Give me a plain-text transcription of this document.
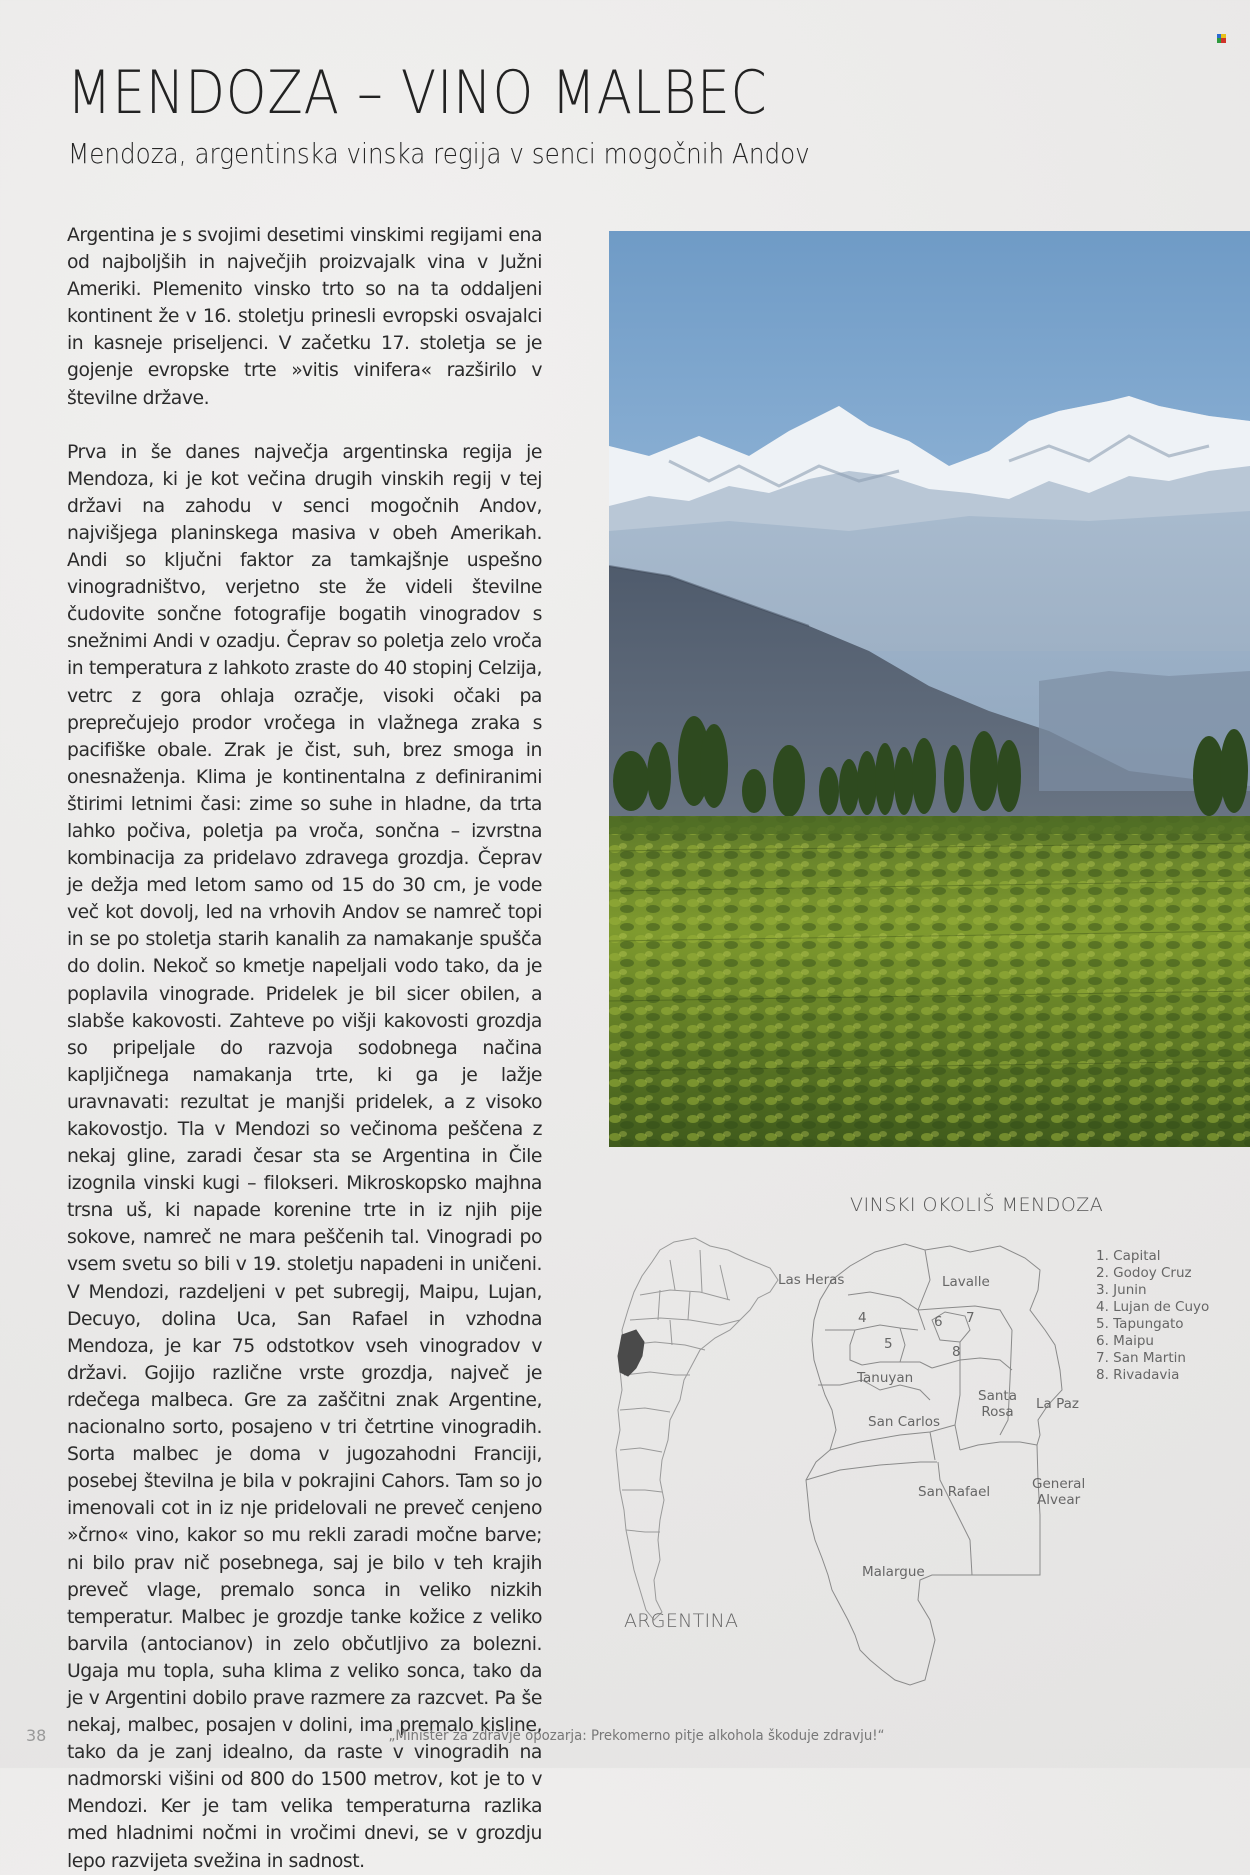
MENDOZA – VINO MALBEC
Mendoza, argentinska vinska regija v senci mogočnih Andov

Argentina je s svojimi desetimi vinskimi regijami ena od najboljših in največjih proizvajalk vina v Južni Ameriki. Plemenito vinsko trto so na ta oddaljeni kontinent že v 16. stoletju prinesli evropski osvajalci in kasneje priseljenci. V začetku 17. stoletja se je gojenje evropske trte »vitis vinifera« razširilo v številne države.

Prva in še danes največja argentinska regija je Mendoza, ki je kot večina drugih vinskih regij v tej državi na zahodu v senci mogočnih Andov, najvišjega planinskega masiva v obeh Amerikah. Andi so ključni faktor za tamkajšnje uspešno vinogradništvo, verjetno ste že videli številne čudovite sončne fotografije bogatih vinogradov s snežnimi Andi v ozadju. Čeprav so poletja zelo vroča in temperatura z lahkoto zraste do 40 stopinj Celzija, vetrc z gora ohlaja ozračje, visoki očaki pa preprečujejo prodor vročega in vlažnega zraka s pacifiške obale. Zrak je čist, suh, brez smoga in onesnaženja. Klima je kontinentalna z definiranimi štirimi letnimi časi: zime so suhe in hladne, da trta lahko počiva, poletja pa vroča, sončna – izvrstna kombinacija za pridelavo zdravega grozdja. Čeprav je dežja med letom samo od 15 do 30 cm, je vode več kot dovolj, led na vrhovih Andov se namreč topi in se po stoletja starih kanalih za namakanje spušča do dolin. Nekoč so kmetje napeljali vodo tako, da je poplavila vinograde. Pridelek je bil sicer obilen, a slabše kakovosti. Zahteve po višji kakovosti grozdja so pripeljale do razvoja sodobnega načina kapljičnega namakanja trte, ki ga je lažje uravnavati: rezultat je manjši pridelek, a z visoko kakovostjo. Tla v Mendozi so večinoma peščena z nekaj gline, zaradi česar sta se Argentina in Čile izognila vinski kugi – filokseri. Mikroskopsko majhna trsna uš, ki napade korenine trte in iz njih pije sokove, namreč ne mara peščenih tal. Vinogradi po vsem svetu so bili v 19. stoletju napadeni in uničeni. V Mendozi, razdeljeni v pet subregij, Maipu, Lujan, Decuyo, dolina Uca, San Rafael in vzhodna Mendoza, je kar 75 odstotkov vseh vinogradov v državi. Gojijo različne vrste grozdja, največ je rdečega malbeca. Gre za zaščitni znak Argentine, nacionalno sorto, posajeno v tri četrtine vinogradih. Sorta malbec je doma v jugozahodni Franciji, posebej številna je bila v pokrajini Cahors. Tam so jo imenovali cot in iz nje pridelovali ne preveč cenjeno »črno« vino, kakor so mu rekli zaradi močne barve; ni bilo prav nič posebnega, saj je bilo v teh krajih preveč vlage, premalo sonca in veliko nizkih temperatur. Malbec je grozdje tanke kožice z veliko barvila (antocianov) in zelo občutljivo za bolezni. Ugaja mu topla, suha klima z veliko sonca, tako da je v Argentini dobilo prave razmere za razcvet. Pa še nekaj, malbec, posajen v dolini, ima premalo kisline, tako da je zanj idealno, da raste v vinogradih na nadmorski višini od 800 do 1500 metrov, kot je to v Mendozi. Ker je tam velika temperaturna razlika med hladnimi nočmi in vročimi dnevi, se v grozdju lepo razvijeta svežina in sadnost.

VINSKI OKOLIŠ MENDOZA
Las Heras	Lavalle
4
5
6 7
8
Tanuyan
Santa
Rosa La Paz
San Carlos
San Rafael	General
Alvear
Malargue
1. Capital
2. Godoy Cruz
3. Junin
4. Lujan de Cuyo
5. Tapungato
6. Maipu
7. San Martin
8. Rivadavia
ARGENTINA
38	„Minister za zdravje opozarja: Prekomerno pitje alkohola škoduje zdravju!“
